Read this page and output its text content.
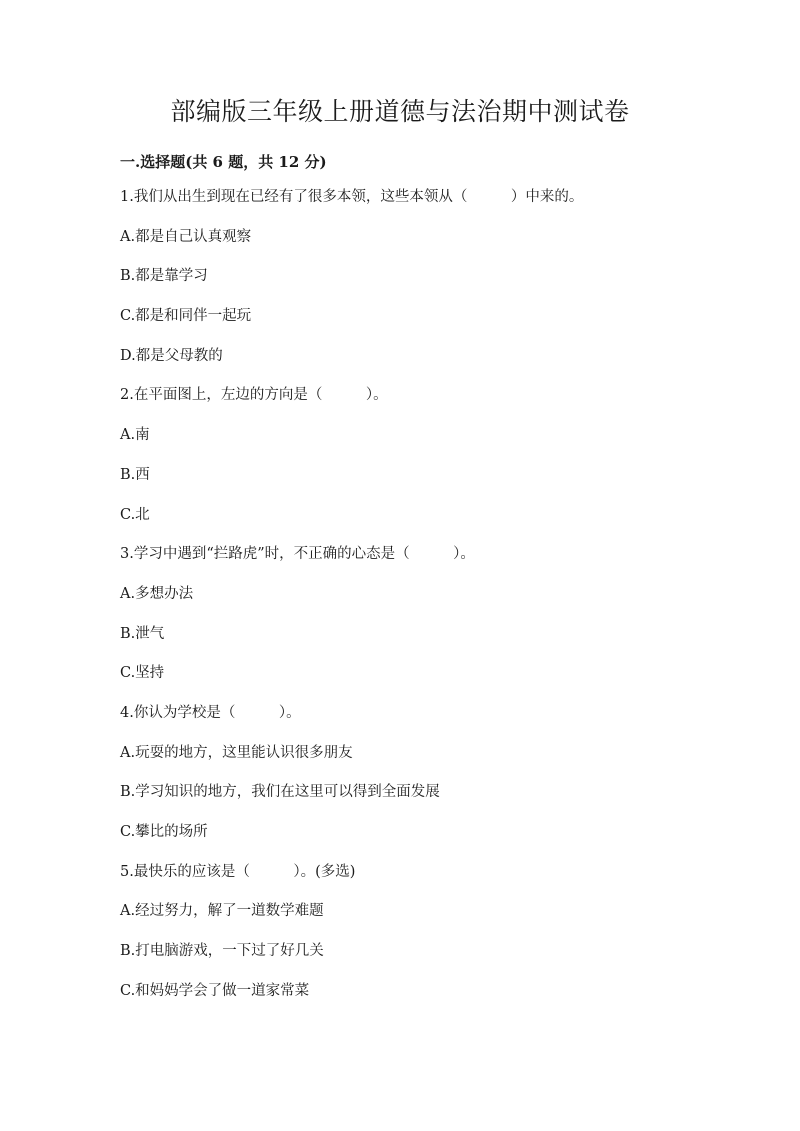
部编版三年级上册道德与法治期中测试卷
一.选择题(共 6 题，共 12 分)
1.我们从出生到现在已经有了很多本领，这些本领从（　　　）中来的。
A.都是自己认真观察
B.都是靠学习
C.都是和同伴一起玩
D.都是父母教的
2.在平面图上，左边的方向是（　　　）。
A.南
B.西
C.北
3.学习中遇到“拦路虎”时，不正确的心态是（　　　）。
A.多想办法
B.泄气
C.坚持
4.你认为学校是（　　　）。
A.玩耍的地方，这里能认识很多朋友
B.学习知识的地方，我们在这里可以得到全面发展
C.攀比的场所
5.最快乐的应该是（　　　）。(多选)
A.经过努力，解了一道数学难题
B.打电脑游戏，一下过了好几关
C.和妈妈学会了做一道家常菜
